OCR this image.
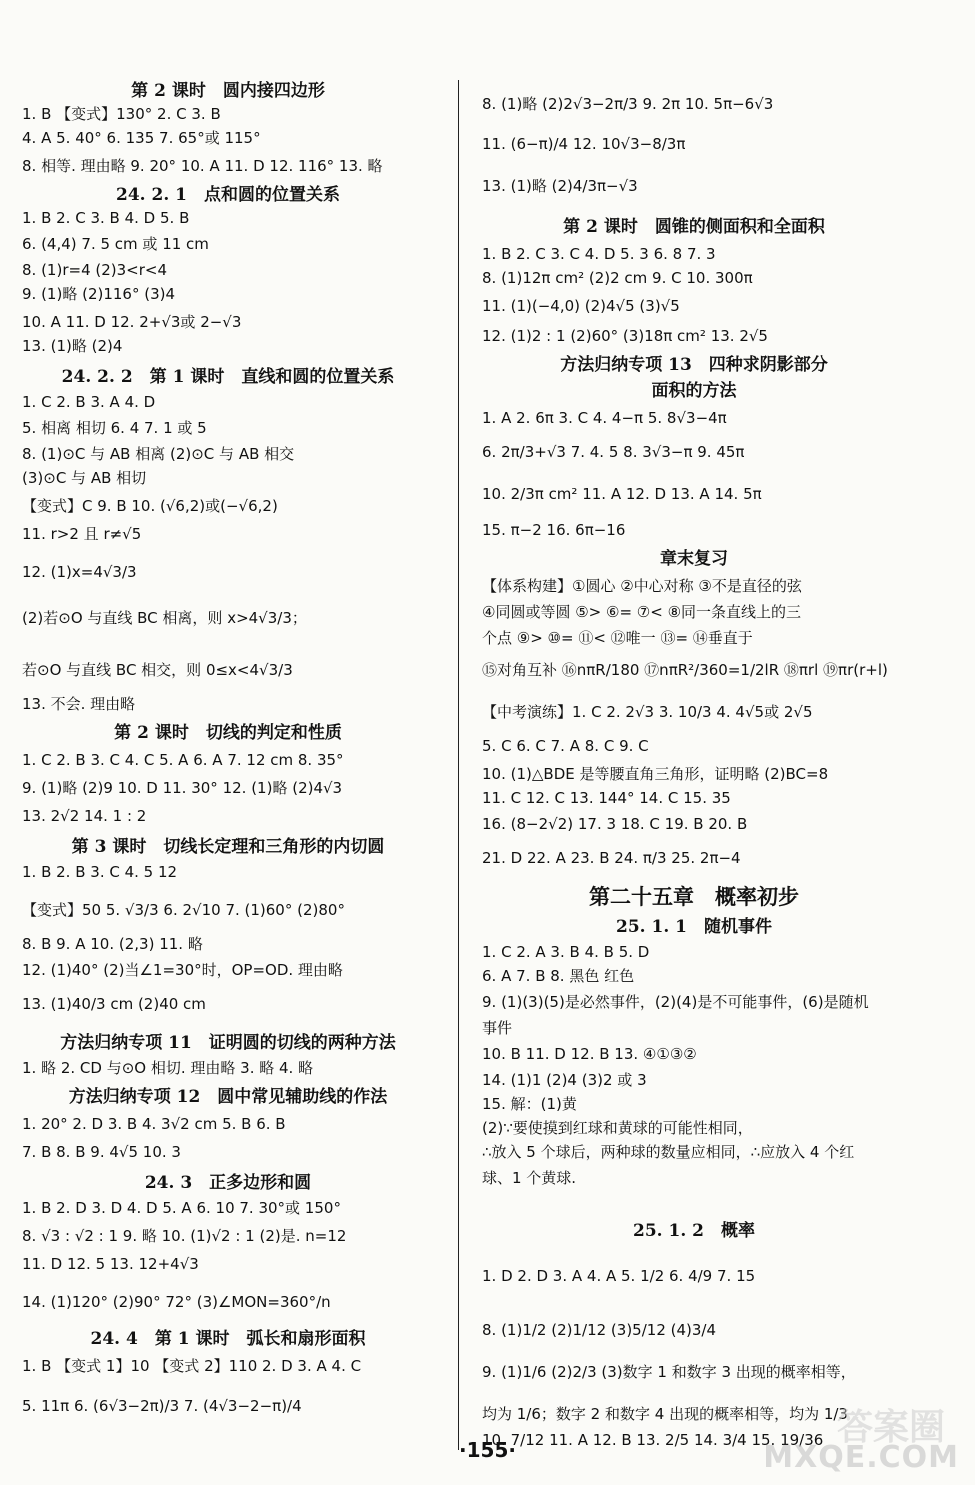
第 2 课时　圆内接四边形
1. B 【变式】130° 2. C 3. B
4. A 5. 40° 6. 135 7. 65°或 115°
8. 相等. 理由略 9. 20° 10. A 11. D 12. 116° 13. 略
24. 2. 1　点和圆的位置关系
1. B 2. C 3. B 4. D 5. B
6. (4,4) 7. 5 cm 或 11 cm
8. (1)r=4 (2)3<r<4
9. (1)略 (2)116° (3)4
10. A 11. D 12. 2+√3或 2−√3
13. (1)略 (2)4
24. 2. 2　第 1 课时　直线和圆的位置关系
1. C 2. B 3. A 4. D
5. 相离 相切 6. 4 7. 1 或 5
8. (1)⊙C 与 AB 相离 (2)⊙C 与 AB 相交
(3)⊙C 与 AB 相切
【变式】C 9. B 10. (√6,2)或(−√6,2)
11. r>2 且 r≠√5
12. (1)x=4√3/3
(2)若⊙O 与直线 BC 相离，则 x>4√3/3；
若⊙O 与直线 BC 相交，则 0≤x<4√3/3
13. 不会. 理由略
第 2 课时　切线的判定和性质
1. C 2. B 3. C 4. C 5. A 6. A 7. 12 cm 8. 35°
9. (1)略 (2)9 10. D 11. 30° 12. (1)略 (2)4√3
13. 2√2 14. 1 : 2
第 3 课时　切线长定理和三角形的内切圆
1. B 2. B 3. C 4. 5 12
【变式】50 5. √3/3 6. 2√10 7. (1)60° (2)80°
8. B 9. A 10. (2,3) 11. 略
12. (1)40° (2)当∠1=30°时，OP=OD. 理由略
13. (1)40/3 cm (2)40 cm
方法归纳专项 11　证明圆的切线的两种方法
1. 略 2. CD 与⊙O 相切. 理由略 3. 略 4. 略
方法归纳专项 12　圆中常见辅助线的作法
1. 20° 2. D 3. B 4. 3√2 cm 5. B 6. B
7. B 8. B 9. 4√5 10. 3
24. 3　正多边形和圆
1. B 2. D 3. D 4. D 5. A 6. 10 7. 30°或 150°
8. √3 : √2 : 1 9. 略 10. (1)√2 : 1 (2)是. n=12
11. D 12. 5 13. 12+4√3
14. (1)120° (2)90° 72° (3)∠MON=360°/n
24. 4　第 1 课时　弧长和扇形面积
1. B 【变式 1】10 【变式 2】110 2. D 3. A 4. C
5. 11π 6. (6√3−2π)/3 7. (4√3−2−π)/4
8. (1)略 (2)2√3−2π/3 9. 2π 10. 5π−6√3
11. (6−π)/4 12. 10√3−8/3π
13. (1)略 (2)4/3π−√3
第 2 课时　圆锥的侧面积和全面积
1. B 2. C 3. C 4. D 5. 3 6. 8 7. 3
8. (1)12π cm² (2)2 cm 9. C 10. 300π
11. (1)(−4,0) (2)4√5 (3)√5
12. (1)2 : 1 (2)60° (3)18π cm² 13. 2√5
方法归纳专项 13　四种求阴影部分
面积的方法
1. A 2. 6π 3. C 4. 4−π 5. 8√3−4π
6. 2π/3+√3 7. 4. 5 8. 3√3−π 9. 45π
10. 2/3π cm² 11. A 12. D 13. A 14. 5π
15. π−2 16. 6π−16
章末复习
【体系构建】①圆心 ②中心对称 ③不是直径的弦
④同圆或等圆 ⑤> ⑥= ⑦< ⑧同一条直线上的三
个点 ⑨> ⑩= ⑪< ⑫唯一 ⑬= ⑭垂直于
⑮对角互补 ⑯nπR/180 ⑰nπR²/360=1/2lR ⑱πrl ⑲πr(r+l)
【中考演练】1. C 2. 2√3 3. 10/3 4. 4√5或 2√5
5. C 6. C 7. A 8. C 9. C
10. (1)△BDE 是等腰直角三角形，证明略 (2)BC=8
11. C 12. C 13. 144° 14. C 15. 35
16. (8−2√2) 17. 3 18. C 19. B 20. B
21. D 22. A 23. B 24. π/3 25. 2π−4
第二十五章　概率初步
25. 1. 1　随机事件
1. C 2. A 3. B 4. B 5. D
6. A 7. B 8. 黑色 红色
9. (1)(3)(5)是必然事件，(2)(4)是不可能事件，(6)是随机
事件
10. B 11. D 12. B 13. ④①③②
14. (1)1 (2)4 (3)2 或 3
15. 解：(1)黄
(2)∵要使摸到红球和黄球的可能性相同，
∴放入 5 个球后，两种球的数量应相同，∴应放入 4 个红
球、1 个黄球.
25. 1. 2　概率
1. D 2. D 3. A 4. A 5. 1/2 6. 4/9 7. 15
8. (1)1/2 (2)1/12 (3)5/12 (4)3/4
9. (1)1/6 (2)2/3 (3)数字 1 和数字 3 出现的概率相等，
均为 1/6；数字 2 和数字 4 出现的概率相等，均为 1/3
10. 7/12 11. A 12. B 13. 2/5 14. 3/4 15. 19/36
·155·
答案圈
MXQE.COM
